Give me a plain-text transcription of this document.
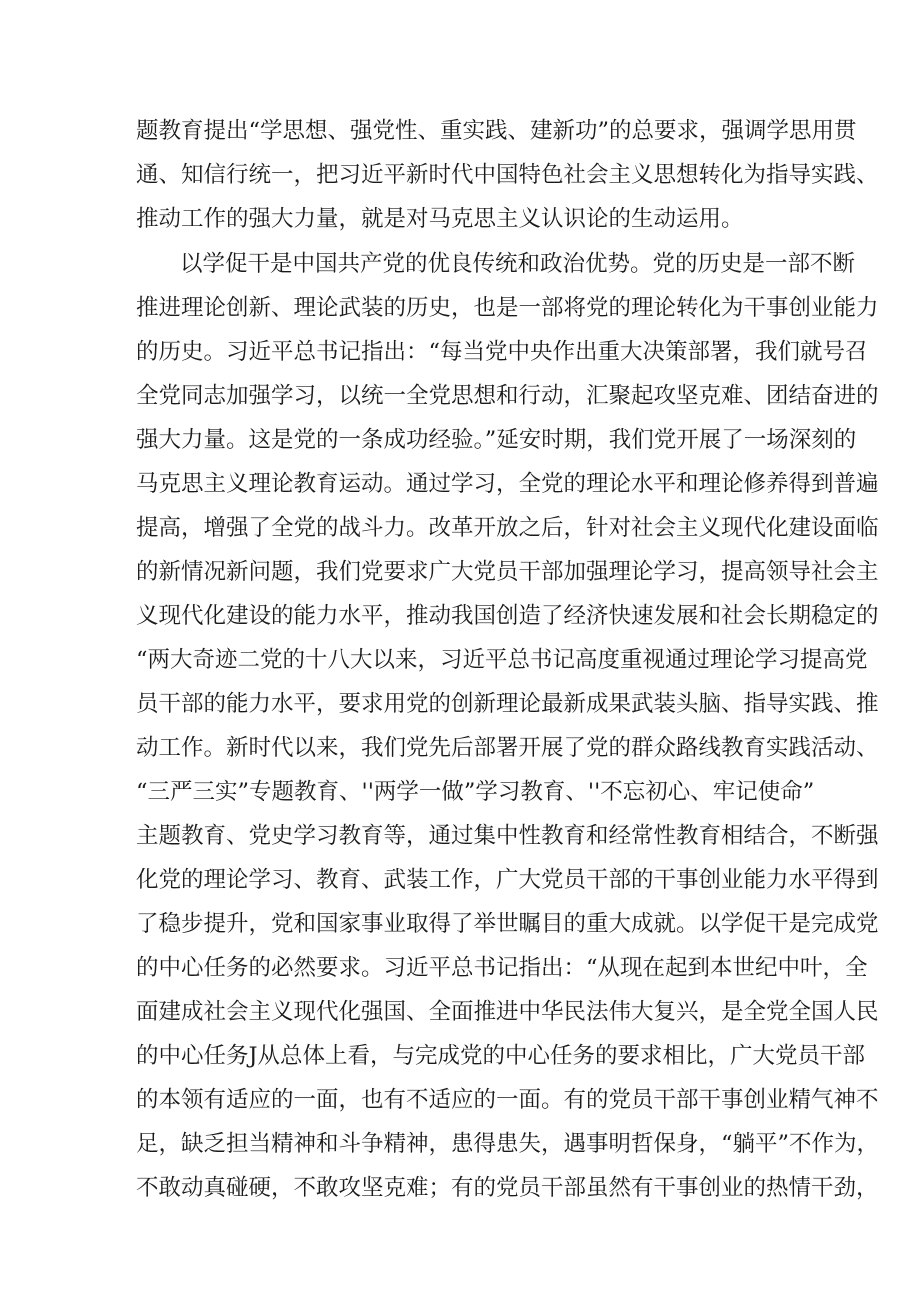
题教育提出“学思想、强党性、重实践、建新功”的总要求，强调学思用贯
通、知信行统一，把习近平新时代中国特色社会主义思想转化为指导实践、
推动工作的强大力量，就是对马克思主义认识论的生动运用。
以学促干是中国共产党的优良传统和政治优势。党的历史是一部不断
推进理论创新、理论武装的历史，也是一部将党的理论转化为干事创业能力
的历史。习近平总书记指出：“每当党中央作出重大决策部署，我们就号召
全党同志加强学习，以统一全党思想和行动，汇聚起攻坚克难、团结奋进的
强大力量。这是党的一条成功经验。”延安时期，我们党开展了一场深刻的
马克思主义理论教育运动。通过学习，全党的理论水平和理论修养得到普遍
提高，增强了全党的战斗力。改革开放之后，针对社会主义现代化建设面临
的新情况新问题，我们党要求广大党员干部加强理论学习，提高领导社会主
义现代化建设的能力水平，推动我国创造了经济快速发展和社会长期稳定的
“两大奇迹二党的十八大以来，习近平总书记高度重视通过理论学习提高党
员干部的能力水平，要求用党的创新理论最新成果武装头脑、指导实践、推
动工作。新时代以来，我们党先后部署开展了党的群众路线教育实践活动、
“三严三实”专题教育、''两学一做”学习教育、''不忘初心、牢记使命”
主题教育、党史学习教育等，通过集中性教育和经常性教育相结合，不断强
化党的理论学习、教育、武装工作，广大党员干部的干事创业能力水平得到
了稳步提升，党和国家事业取得了举世瞩目的重大成就。以学促干是完成党
的中心任务的必然要求。习近平总书记指出：“从现在起到本世纪中叶，全
面建成社会主义现代化强国、全面推进中华民法伟大复兴，是全党全国人民
的中心任务J从总体上看，与完成党的中心任务的要求相比，广大党员干部
的本领有适应的一面，也有不适应的一面。有的党员干部干事创业精气神不
足，缺乏担当精神和斗争精神，患得患失，遇事明哲保身，“躺平”不作为，
不敢动真碰硬，不敢攻坚克难；有的党员干部虽然有干事创业的热情干劲，
